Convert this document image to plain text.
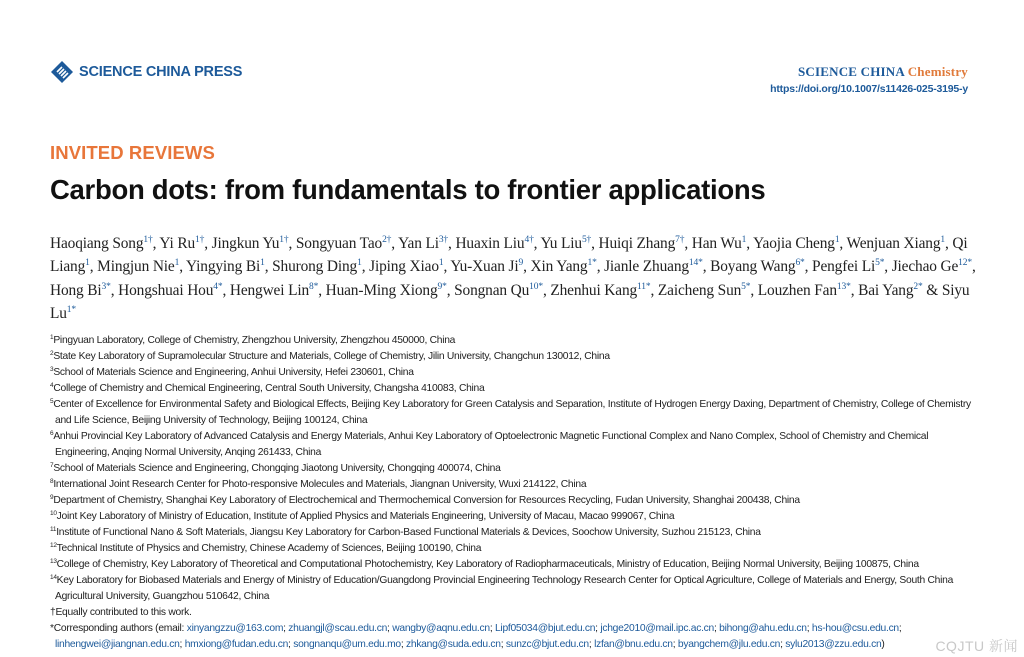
SCIENCE CHINA PRESS	SCIENCE CHINA Chemistry
https://doi.org/10.1007/s11426-025-3195-y
INVITED REVIEWS
Carbon dots: from fundamentals to frontier applications
Haoqiang Song$^{1\dagger}$, Yi $Ru^{1\dagger}$, Jingkun $Yu^{1\dagger}$, Songyuan Tao$^{2\dagger}$, Yan $Li^{3\dagger}$, Huaxin Liu$^{4\dagger}$, Yu Liu$^{5\dagger}$, Huiqi Zhang$^{7\dagger}$, Han Wu$^1$, Yaojia Cheng$^1$, Wenjuan Xiang$^1$, Qi Liang$^1$, Mingjun Nie$^1$, Yingying Bi$^1$, Shurong Ding$^1$, Jiping Xiao$^1$, Yu-Xuan Ji$^9$, Xin Yang$^{1*}$, Jianle Zhuang$^{14*}$, Boyang Wang$^{6*}$, Pengfei $Li^{5*}$, Jiechao $Ge^{12*}$, Hong $Bi^{3*}$, Hongshuai Hou$^{4*}$, Hengwei Lin$^{8*}$, Huan-Ming Xiong$^{9*}$, Songnan $Qu^{10*}$, Zhenhui Kang$^{11*}$, Zaicheng Sun$^{5*}$, Louzhen Fan$^{13*}$, Bai Yang$^{2*}$ & Siyu $Lu^{1*}$
$^1$Pingyuan Laboratory, College of Chemistry, Zhengzhou University, Zhengzhou 450000, China
$^2$State Key Laboratory of Supramolecular Structure and Materials, College of Chemistry, Jilin University, Changchun 130012, China
$^3$School of Materials Science and Engineering, Anhui University, Hefei 230601, China
$^4$College of Chemistry and Chemical Engineering, Central South University, Changsha 410083, China
$^5$Center of Excellence for Environmental Safety and Biological Effects, Beijing Key Laboratory for Green Catalysis and Separation, Institute of Hydrogen Energy Daxing, Department of Chemistry, College of Chemistry and Life Science, Beijing University of Technology, Beijing 100124, China
$^6$Anhui Provincial Key Laboratory of Advanced Catalysis and Energy Materials, Anhui Key Laboratory of Optoelectronic Magnetic Functional Complex and Nano Complex, School of Chemistry and Chemical Engineering, Anqing Normal University, Anqing 261433, China
$^7$School of Materials Science and Engineering, Chongqing Jiaotong University, Chongqing 400074, China
$^8$International Joint Research Center for Photo-responsive Molecules and Materials, Jiangnan University, Wuxi 214122, China
$^9$Department of Chemistry, Shanghai Key Laboratory of Electrochemical and Thermochemical Conversion for Resources Recycling, Fudan University, Shanghai 200438, China
$^{10}$Joint Key Laboratory of Ministry of Education, Institute of Applied Physics and Materials Engineering, University of Macau, Macao 999067, China
$^{11}$Institute of Functional Nano & Soft Materials, Jiangsu Key Laboratory for Carbon-Based Functional Materials & Devices, Soochow University, Suzhou 215123, China
$^{12}$Technical Institute of Physics and Chemistry, Chinese Academy of Sciences, Beijing 100190, China
$^{13}$College of Chemistry, Key Laboratory of Theoretical and Computational Photochemistry, Key Laboratory of Radiopharmaceuticals, Ministry of Education, Beijing Normal University, Beijing 100875, China
$^{14}$Key Laboratory for Biobased Materials and Energy of Ministry of Education/Guangdong Provincial Engineering Technology Research Center for Optical Agriculture, College of Materials and Energy, South China Agricultural University, Guangzhou 510642, China
†Equally contributed to this work.
*Corresponding authors (email: xinyangzzu@163.com; zhuangjl@scau.edu.cn; wangby@aqnu.edu.cn; Lipf05034@bjut.edu.cn; jchge2010@mail.ipc.ac.cn; bihong@ahu.edu.cn; hs-hou@csu.edu.cn; linhengwei@jiangnan.edu.cn; hmxiong@fudan.edu.cn; songnanqu@um.edu.mo; zhkang@suda.edu.cn; sunzc@bjut.edu.cn; lzfan@bnu.edu.cn; byangchem@jlu.edu.cn; sylu2013@zzu.edu.cn)	CQJTU 新闻
